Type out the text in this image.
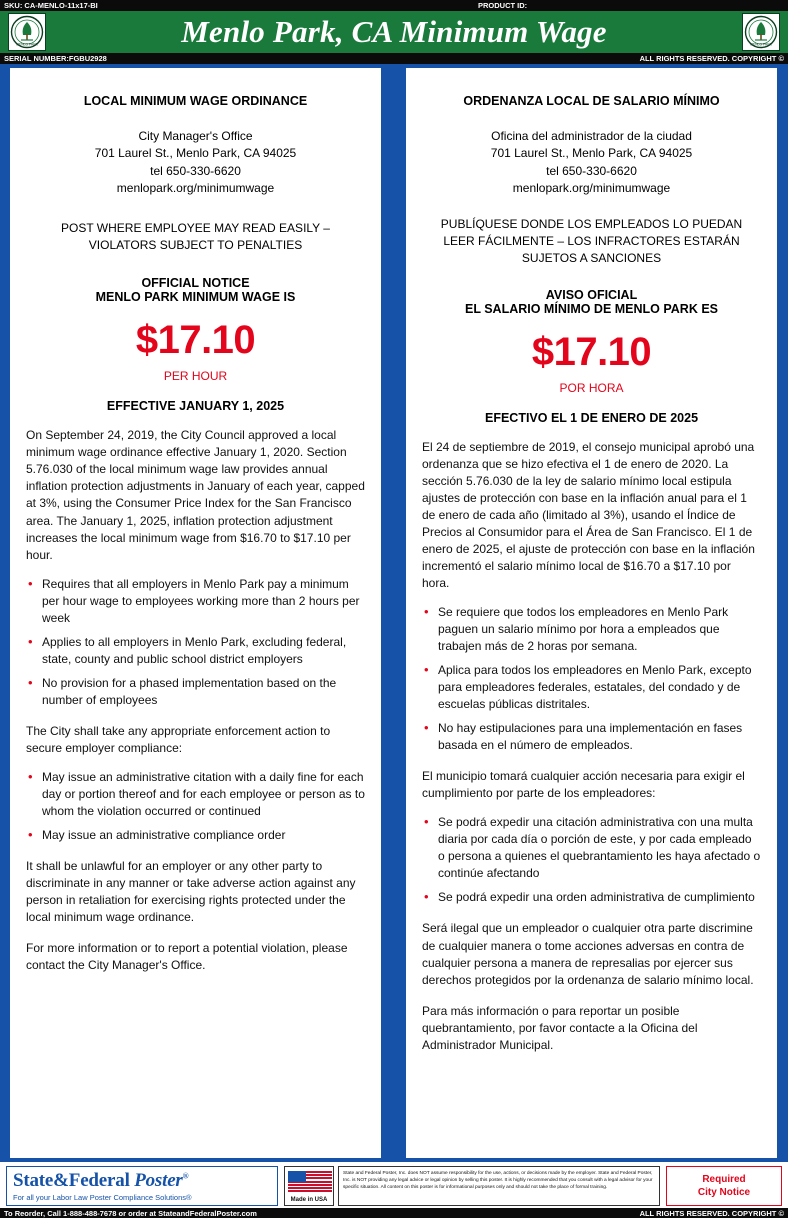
SKU: CA-MENLO-11x17-BI	PRODUCT ID:
Menlo Park, CA Minimum Wage
MENLO PARK	MENLO PARK
SERIAL NUMBER:FGBU2928	ALL RIGHTS RESERVED. COPYRIGHT ©
LOCAL MINIMUM WAGE ORDINANCE
City Manager's Office
701 Laurel St., Menlo Park, CA 94025
tel 650-330-6620
menlopark.org/minimumwage
POST WHERE EMPLOYEE MAY READ EASILY –
VIOLATORS SUBJECT TO PENALTIES
OFFICIAL NOTICE
MENLO PARK MINIMUM WAGE IS
$17.10
PER HOUR
EFFECTIVE JANUARY 1, 2025
On September 24, 2019, the City Council approved a local minimum wage ordinance effective January 1, 2020. Section 5.76.030 of the local minimum wage law provides annual inflation protection adjustments in January of each year, capped at 3%, using the Consumer Price Index for the San Francisco area. The January 1, 2025, inflation protection adjustment increases the local minimum wage from $16.70 to $17.10 per hour.
• Requires that all employers in Menlo Park pay a minimum per hour wage to employees working more than 2 hours per week
• Applies to all employers in Menlo Park, excluding federal, state, county and public school district employers
• No provision for a phased implementation based on the number of employees
The City shall take any appropriate enforcement action to secure employer compliance:
• May issue an administrative citation with a daily fine for each day or portion thereof and for each employee or person as to whom the violation occurred or continued
• May issue an administrative compliance order
It shall be unlawful for an employer or any other party to discriminate in any manner or take adverse action against any person in retaliation for exercising rights protected under the local minimum wage ordinance.
For more information or to report a potential violation, please contact the City Manager's Office.
ORDENANZA LOCAL DE SALARIO MÍNIMO
Oficina del administrador de la ciudad
701 Laurel St., Menlo Park, CA 94025
tel 650-330-6620
menlopark.org/minimumwage
PUBLÍQUESE DONDE LOS EMPLEADOS LO PUEDAN
LEER FÁCILMENTE – LOS INFRACTORES ESTARÁN
SUJETOS A SANCIONES
AVISO OFICIAL
EL SALARIO MÍNIMO DE MENLO PARK ES
$17.10
POR HORA
EFECTIVO EL 1 DE ENERO DE 2025
El 24 de septiembre de 2019, el consejo municipal aprobó una ordenanza que se hizo efectiva el 1 de enero de 2020. La sección 5.76.030 de la ley de salario mínimo local estipula ajustes de protección con base en la inflación anual para el 1 de enero de cada año (limitado al 3%), usando el Índice de Precios al Consumidor para el Área de San Francisco. El 1 de enero de 2025, el ajuste de protección con base en la inflación incrementó el salario mínimo local de $16.70 a $17.10 por hora.
• Se requiere que todos los empleadores en Menlo Park paguen un salario mínimo por hora a empleados que trabajen más de 2 horas por semana.
• Aplica para todos los empleadores en Menlo Park, excepto para empleadores federales, estatales, del condado y de escuelas públicas distritales.
• No hay estipulaciones para una implementación en fases basada en el número de empleados.
El municipio tomará cualquier acción necesaria para exigir el cumplimiento por parte de los empleadores:
• Se podrá expedir una citación administrativa con una multa diaria por cada día o porción de este, y por cada empleado o persona a quienes el quebrantamiento les haya afectado o continúe afectando
• Se podrá expedir una orden administrativa de cumplimiento
Será ilegal que un empleador o cualquier otra parte discrimine de cualquier manera o tome acciones adversas en contra de cualquier persona a manera de represalias por ejercer sus derechos protegidos por la ordenanza de salario mínimo local.
Para más información o para reportar un posible quebrantamiento, por favor contacte a la Oficina del Administrador Municipal.
State&Federal Poster®
For all your Labor Law Poster Compliance Solutions®	Made in USA
State and Federal Poster, Inc. does NOT assume responsibility for the use, actions, or decisions made by the employer. State and Federal Poster, Inc. is NOT providing any legal advice or legal opinion by selling this poster. It is highly recommended that you consult with a legal advisor for your specific situation. All content on this poster is for informational purposes only and should not take the place of formal training.
Required
City Notice
To Reorder, Call 1-888-488-7678 or order at StateandFederalPoster.com	ALL RIGHTS RESERVED. COPYRIGHT ©
